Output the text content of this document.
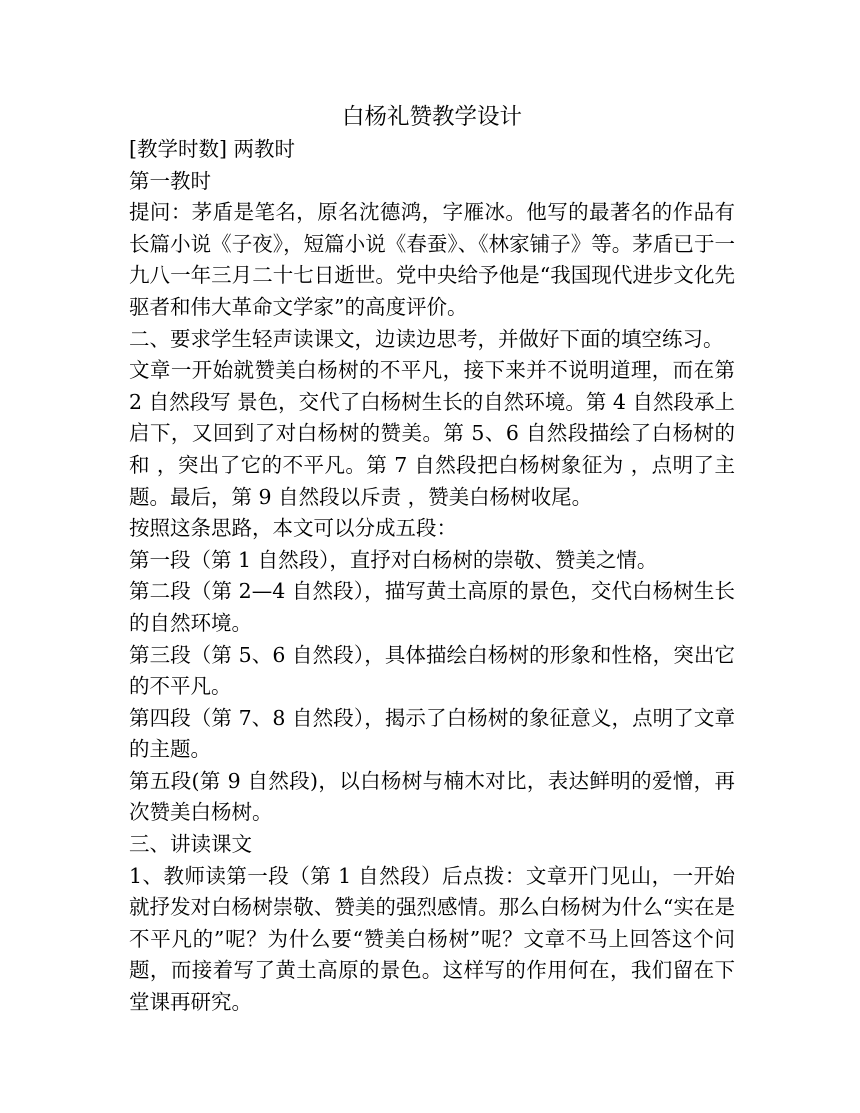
白杨礼赞教学设计

[教学时数] 两教时

第一教时

提问：茅盾是笔名，原名沈德鸿，字雁冰。他写的最著名的作品有长篇小说《子夜》，短篇小说《春蚕》、《林家铺子》等。茅盾已于一九八一年三月二十七日逝世。党中央给予他是“我国现代进步文化先驱者和伟大革命文学家”的高度评价。

二、要求学生轻声读课文，边读边思考，并做好下面的填空练习。

文章一开始就赞美白杨树的不平凡，接下来并不说明道理，而在第 2 自然段写 景色，交代了白杨树生长的自然环境。第 4 自然段承上启下，又回到了对白杨树的赞美。第 5、6 自然段描绘了白杨树的 和 ，突出了它的不平凡。第 7 自然段把白杨树象征为 ，点明了主题。最后，第 9 自然段以斥责 ，赞美白杨树收尾。

按照这条思路，本文可以分成五段：

第一段（第 1 自然段），直抒对白杨树的崇敬、赞美之情。

第二段（第 2—4 自然段），描写黄土高原的景色，交代白杨树生长的自然环境。

第三段（第 5、6 自然段），具体描绘白杨树的形象和性格，突出它的不平凡。

第四段（第 7、8 自然段），揭示了白杨树的象征意义，点明了文章的主题。

第五段(第 9 自然段)，以白杨树与楠木对比，表达鲜明的爱憎，再次赞美白杨树。

三、讲读课文

1、教师读第一段（第 1 自然段）后点拨：文章开门见山，一开始就抒发对白杨树崇敬、赞美的强烈感情。那么白杨树为什么“实在是不平凡的”呢？为什么要“赞美白杨树”呢？文章不马上回答这个问题，而接着写了黄土高原的景色。这样写的作用何在，我们留在下堂课再研究。
